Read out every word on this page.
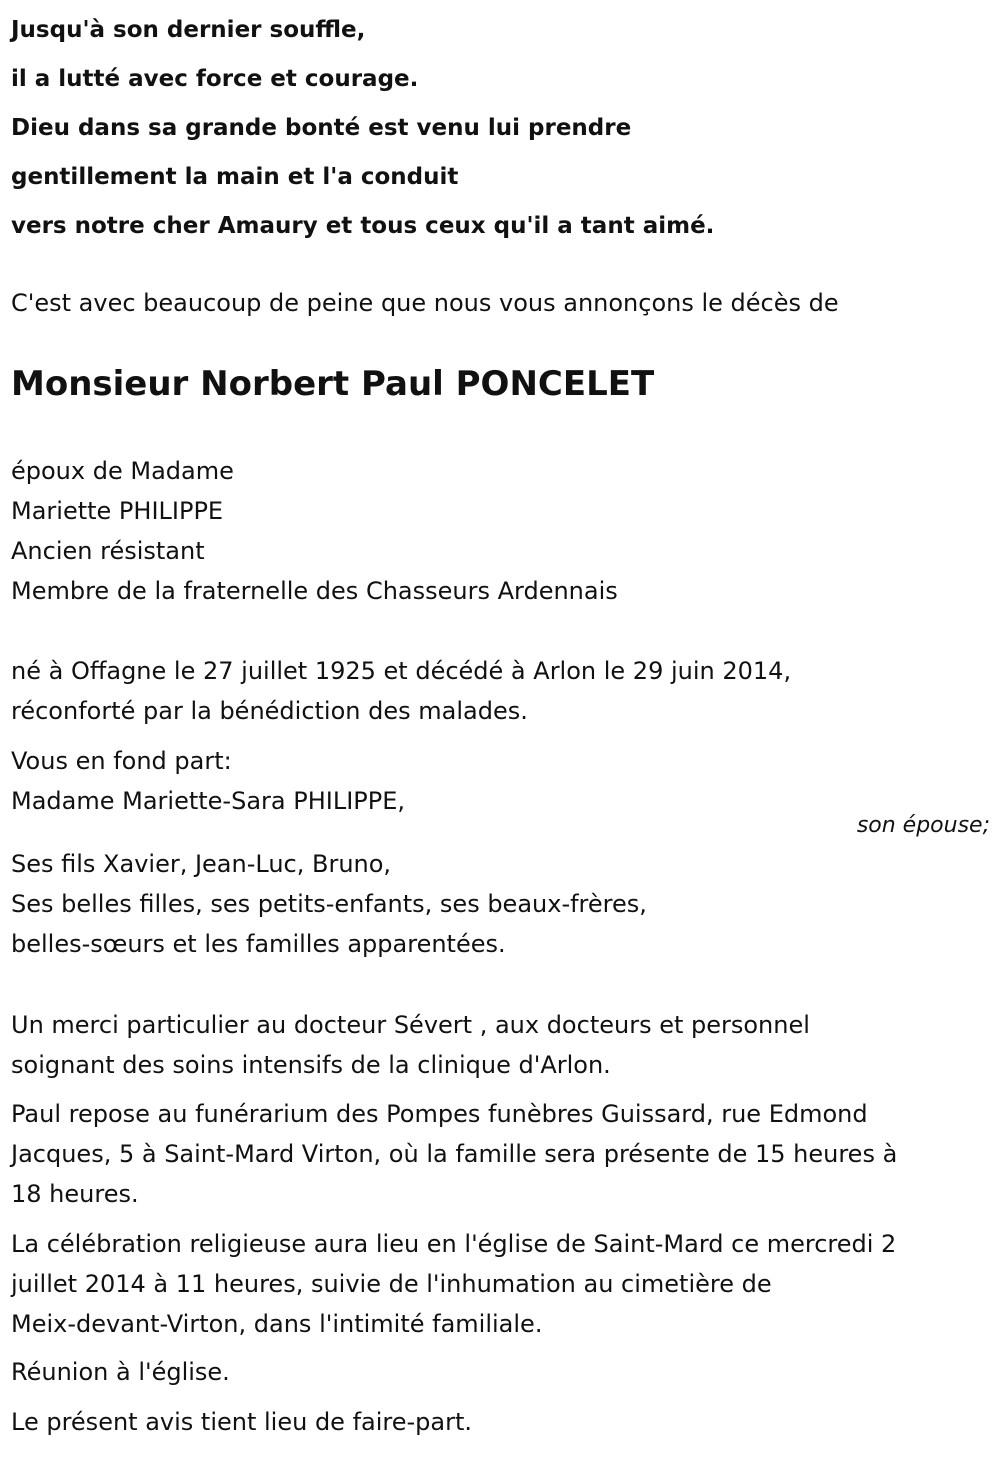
Jusqu'à son dernier souffle,
il a lutté avec force et courage.
Dieu dans sa grande bonté est venu lui prendre
gentillement la main et l'a conduit
vers notre cher Amaury et tous ceux qu'il a tant aimé.
C'est avec beaucoup de peine que nous vous annonçons le décès de
Monsieur Norbert Paul PONCELET
époux de Madame
Mariette PHILIPPE
Ancien résistant
Membre de la fraternelle des Chasseurs Ardennais
né à Offagne le 27 juillet 1925 et décédé à Arlon le 29 juin 2014,
réconforté par la bénédiction des malades.
Vous en fond part:
Madame Mariette-Sara PHILIPPE,
son épouse;
Ses fils Xavier, Jean-Luc, Bruno,
Ses belles filles, ses petits-enfants, ses beaux-frères,
belles-sœurs et les familles apparentées.
Un merci particulier au docteur Sévert , aux docteurs et personnel
soignant des soins intensifs de la clinique d'Arlon.
Paul repose au funérarium des Pompes funèbres Guissard, rue Edmond
Jacques, 5 à Saint-Mard Virton, où la famille sera présente de 15 heures à
18 heures.
La célébration religieuse aura lieu en l'église de Saint-Mard ce mercredi 2
juillet 2014 à 11 heures, suivie de l'inhumation au cimetière de
Meix-devant-Virton, dans l'intimité familiale.
Réunion à l'église.
Le présent avis tient lieu de faire-part.
